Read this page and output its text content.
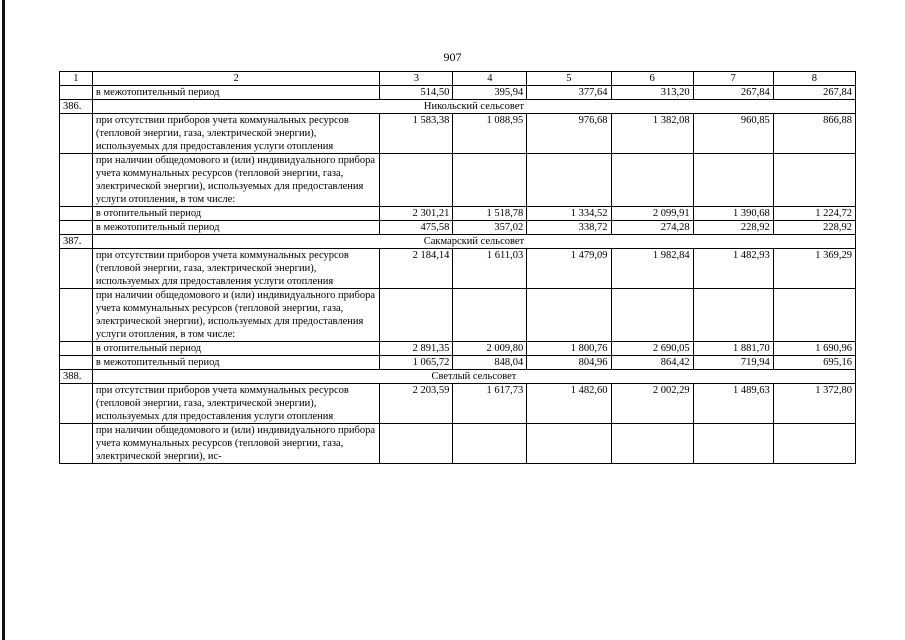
907
1	2	3	4	5	6	7	8
	в межотопительный период	514,50	395,94	377,64	313,20	267,84	267,84
386.	Никольский сельсовет						
	при отсутствии приборов учета коммунальных ресурсов (тепловой энергии, газа, электрической энергии), используемых для предоставления услуги отопления	1 583,38	1 088,95	976,68	1 382,08	960,85	866,88
	при наличии общедомового и (или) индивидуального прибора учета коммунальных ресурсов (тепловой энергии, газа, электрической энергии), используемых для предоставления услуги отопления, в том числе:						
	в отопительный период	2 301,21	1 518,78	1 334,52	2 099,91	1 390,68	1 224,72
	в межотопительный период	475,58	357,02	338,72	274,28	228,92	228,92
387.	Сакмарский сельсовет						
	при отсутствии приборов учета коммунальных ресурсов (тепловой энергии, газа, электрической энергии), используемых для предоставления услуги отопления	2 184,14	1 611,03	1 479,09	1 982,84	1 482,93	1 369,29
	при наличии общедомового и (или) индивидуального прибора учета коммунальных ресурсов (тепловой энергии, газа, электрической энергии), используемых для предоставления услуги отопления, в том числе:						
	в отопительный период	2 891,35	2 009,80	1 800,76	2 690,05	1 881,70	1 690,96
	в межотопительный период	1 065,72	848,04	804,96	864,42	719,94	695,16
388.	Светлый сельсовет						
	при отсутствии приборов учета коммунальных ресурсов (тепловой энергии, газа, электрической энергии), используемых для предоставления услуги отопления	2 203,59	1 617,73	1 482,60	2 002,29	1 489,63	1 372,80
	при наличии общедомового и (или) индивидуального прибора учета коммунальных ресурсов (тепловой энергии, газа, электрической энергии), ис-						
